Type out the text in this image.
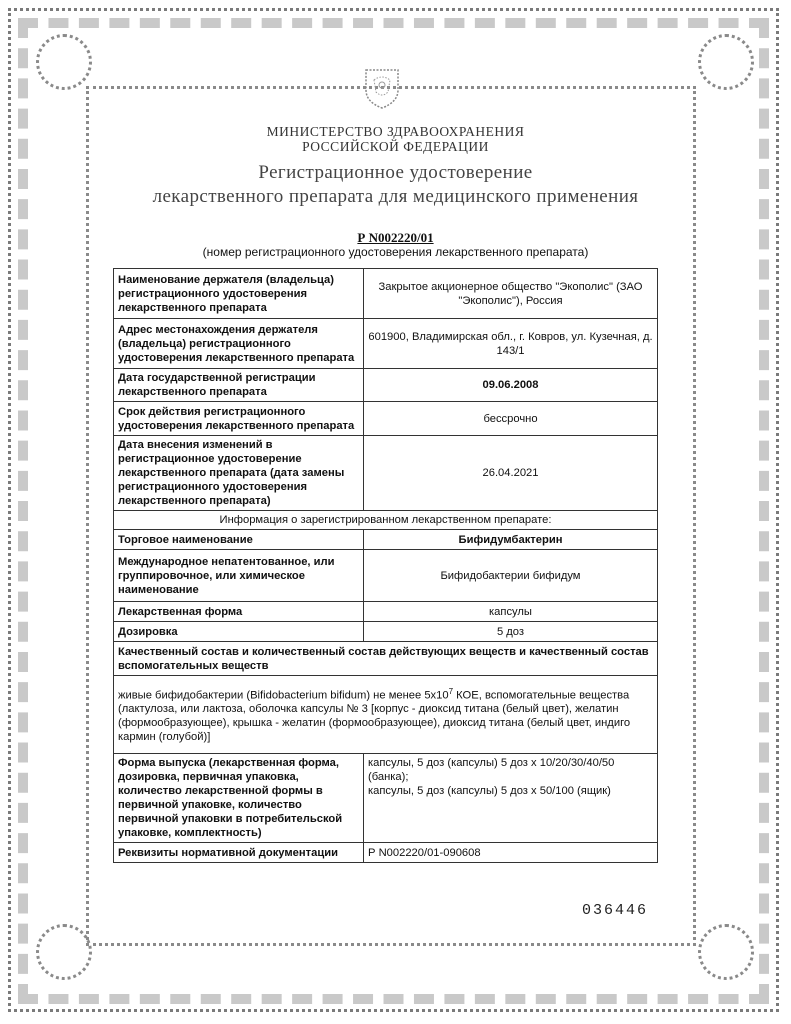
МИНИСТЕРСТВО ЗДРАВООХРАНЕНИЯ
РОССИЙСКОЙ ФЕДЕРАЦИИ
Регистрационное удостоверение
лекарственного препарата для медицинского применения
Р N002220/01
(номер регистрационного удостоверения лекарственного препарата)
Наименование держателя (владельца) регистрационного удостоверения лекарственного препарата	Закрытое акционерное общество "Экополис" (ЗАО "Экополис"), Россия
Адрес местонахождения держателя (владельца) регистрационного удостоверения лекарственного препарата	601900, Владимирская обл., г. Ковров, ул. Кузечная, д. 143/1
Дата государственной регистрации лекарственного препарата	09.06.2008
Срок действия регистрационного удостоверения лекарственного препарата	бессрочно
Дата внесения изменений в регистрационное удостоверение лекарственного препарата (дата замены регистрационного удостоверения лекарственного препарата)	26.04.2021
Информация о зарегистрированном лекарственном препарате:	
Торговое наименование	Бифидумбактерин
Международное непатентованное, или группировочное, или химическое наименование	Бифидобактерии бифидум
Лекарственная форма	капсулы
Дозировка	5 доз
Качественный состав и количественный состав действующих веществ и качественный состав вспомогательных веществ	
живые бифидобактерии (Bifidobacterium bifidum) не менее $5х10^7$ КОЕ, вспомогательные вещества (лактулоза, или лактоза, оболочка капсулы № 3 [корпус - диоксид титана (белый цвет), желатин (формообразующее), крышка - желатин (формообразующее), диоксид титана (белый цвет, индиго кармин (голубой)]	
Форма выпуска (лекарственная форма, дозировка, первичная упаковка, количество лекарственной формы в первичной упаковке, количество первичной упаковки в потребительской упаковке, комплектность)	капсулы, 5 доз (капсулы) 5 доз х 10/20/30/40/50 (банка);
капсулы, 5 доз (капсулы) 5 доз х 50/100 (ящик)

Реквизиты нормативной документации	Р N002220/01-090608
036446
